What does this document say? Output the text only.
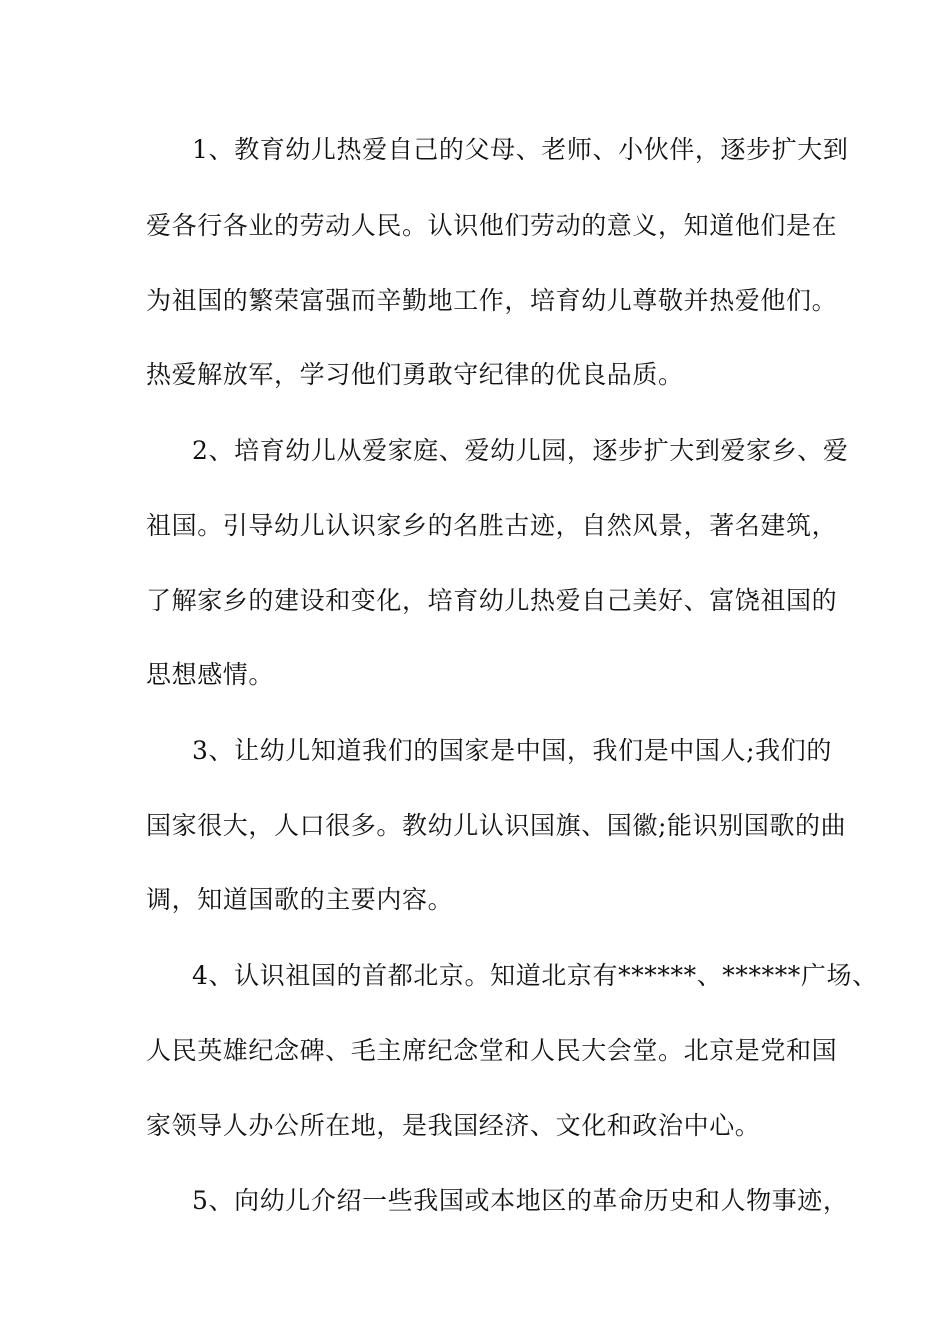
1、教育幼儿热爱自己的父母、老师、小伙伴，逐步扩大到
爱各行各业的劳动人民。认识他们劳动的意义，知道他们是在
为祖国的繁荣富强而辛勤地工作，培育幼儿尊敬并热爱他们。
热爱解放军，学习他们勇敢守纪律的优良品质。
2、培育幼儿从爱家庭、爱幼儿园，逐步扩大到爱家乡、爱
祖国。引导幼儿认识家乡的名胜古迹，自然风景，著名建筑，
了解家乡的建设和变化，培育幼儿热爱自己美好、富饶祖国的
思想感情。
3、让幼儿知道我们的国家是中国，我们是中国人;我们的
国家很大，人口很多。教幼儿认识国旗、国徽;能识别国歌的曲
调，知道国歌的主要内容。
4、认识祖国的首都北京。知道北京有******、******广场、
人民英雄纪念碑、毛主席纪念堂和人民大会堂。北京是党和国
家领导人办公所在地，是我国经济、文化和政治中心。
5、向幼儿介绍一些我国或本地区的革命历史和人物事迹，
